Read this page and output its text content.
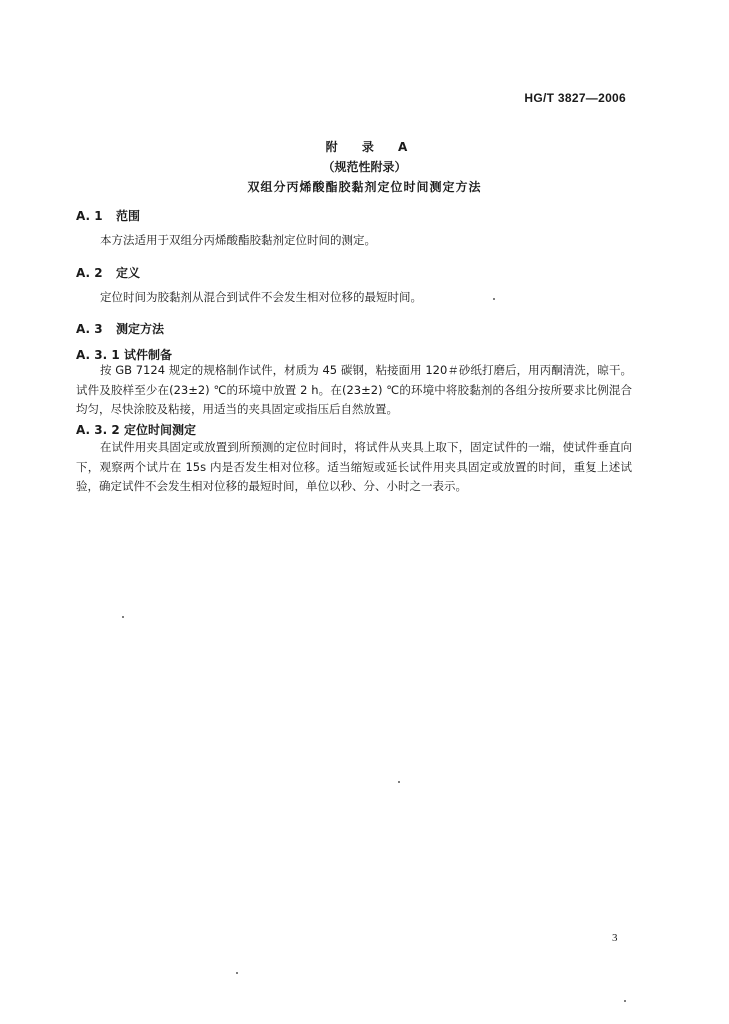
HG/T 3827—2006
附 录 A
（规范性附录）
双组分丙烯酸酯胶黏剂定位时间测定方法
A. 1 范围
本方法适用于双组分丙烯酸酯胶黏剂定位时间的测定。
A. 2 定义
定位时间为胶黏剂从混合到试件不会发生相对位移的最短时间。
A. 3 测定方法
A. 3. 1 试件制备
按 GB 7124 规定的规格制作试件，材质为 45 碳钢，粘接面用 120＃砂纸打磨后，用丙酮清洗，晾干。试件及胶样至少在(23±2) ℃的环境中放置 2 h。在(23±2) ℃的环境中将胶黏剂的各组分按所要求比例混合均匀，尽快涂胶及粘接，用适当的夹具固定或指压后自然放置。
A. 3. 2 定位时间测定
在试件用夹具固定或放置到所预测的定位时间时，将试件从夹具上取下，固定试件的一端，使试件垂直向下，观察两个试片在 15s 内是否发生相对位移。适当缩短或延长试件用夹具固定或放置的时间，重复上述试验，确定试件不会发生相对位移的最短时间，单位以秒、分、小时之一表示。
3
